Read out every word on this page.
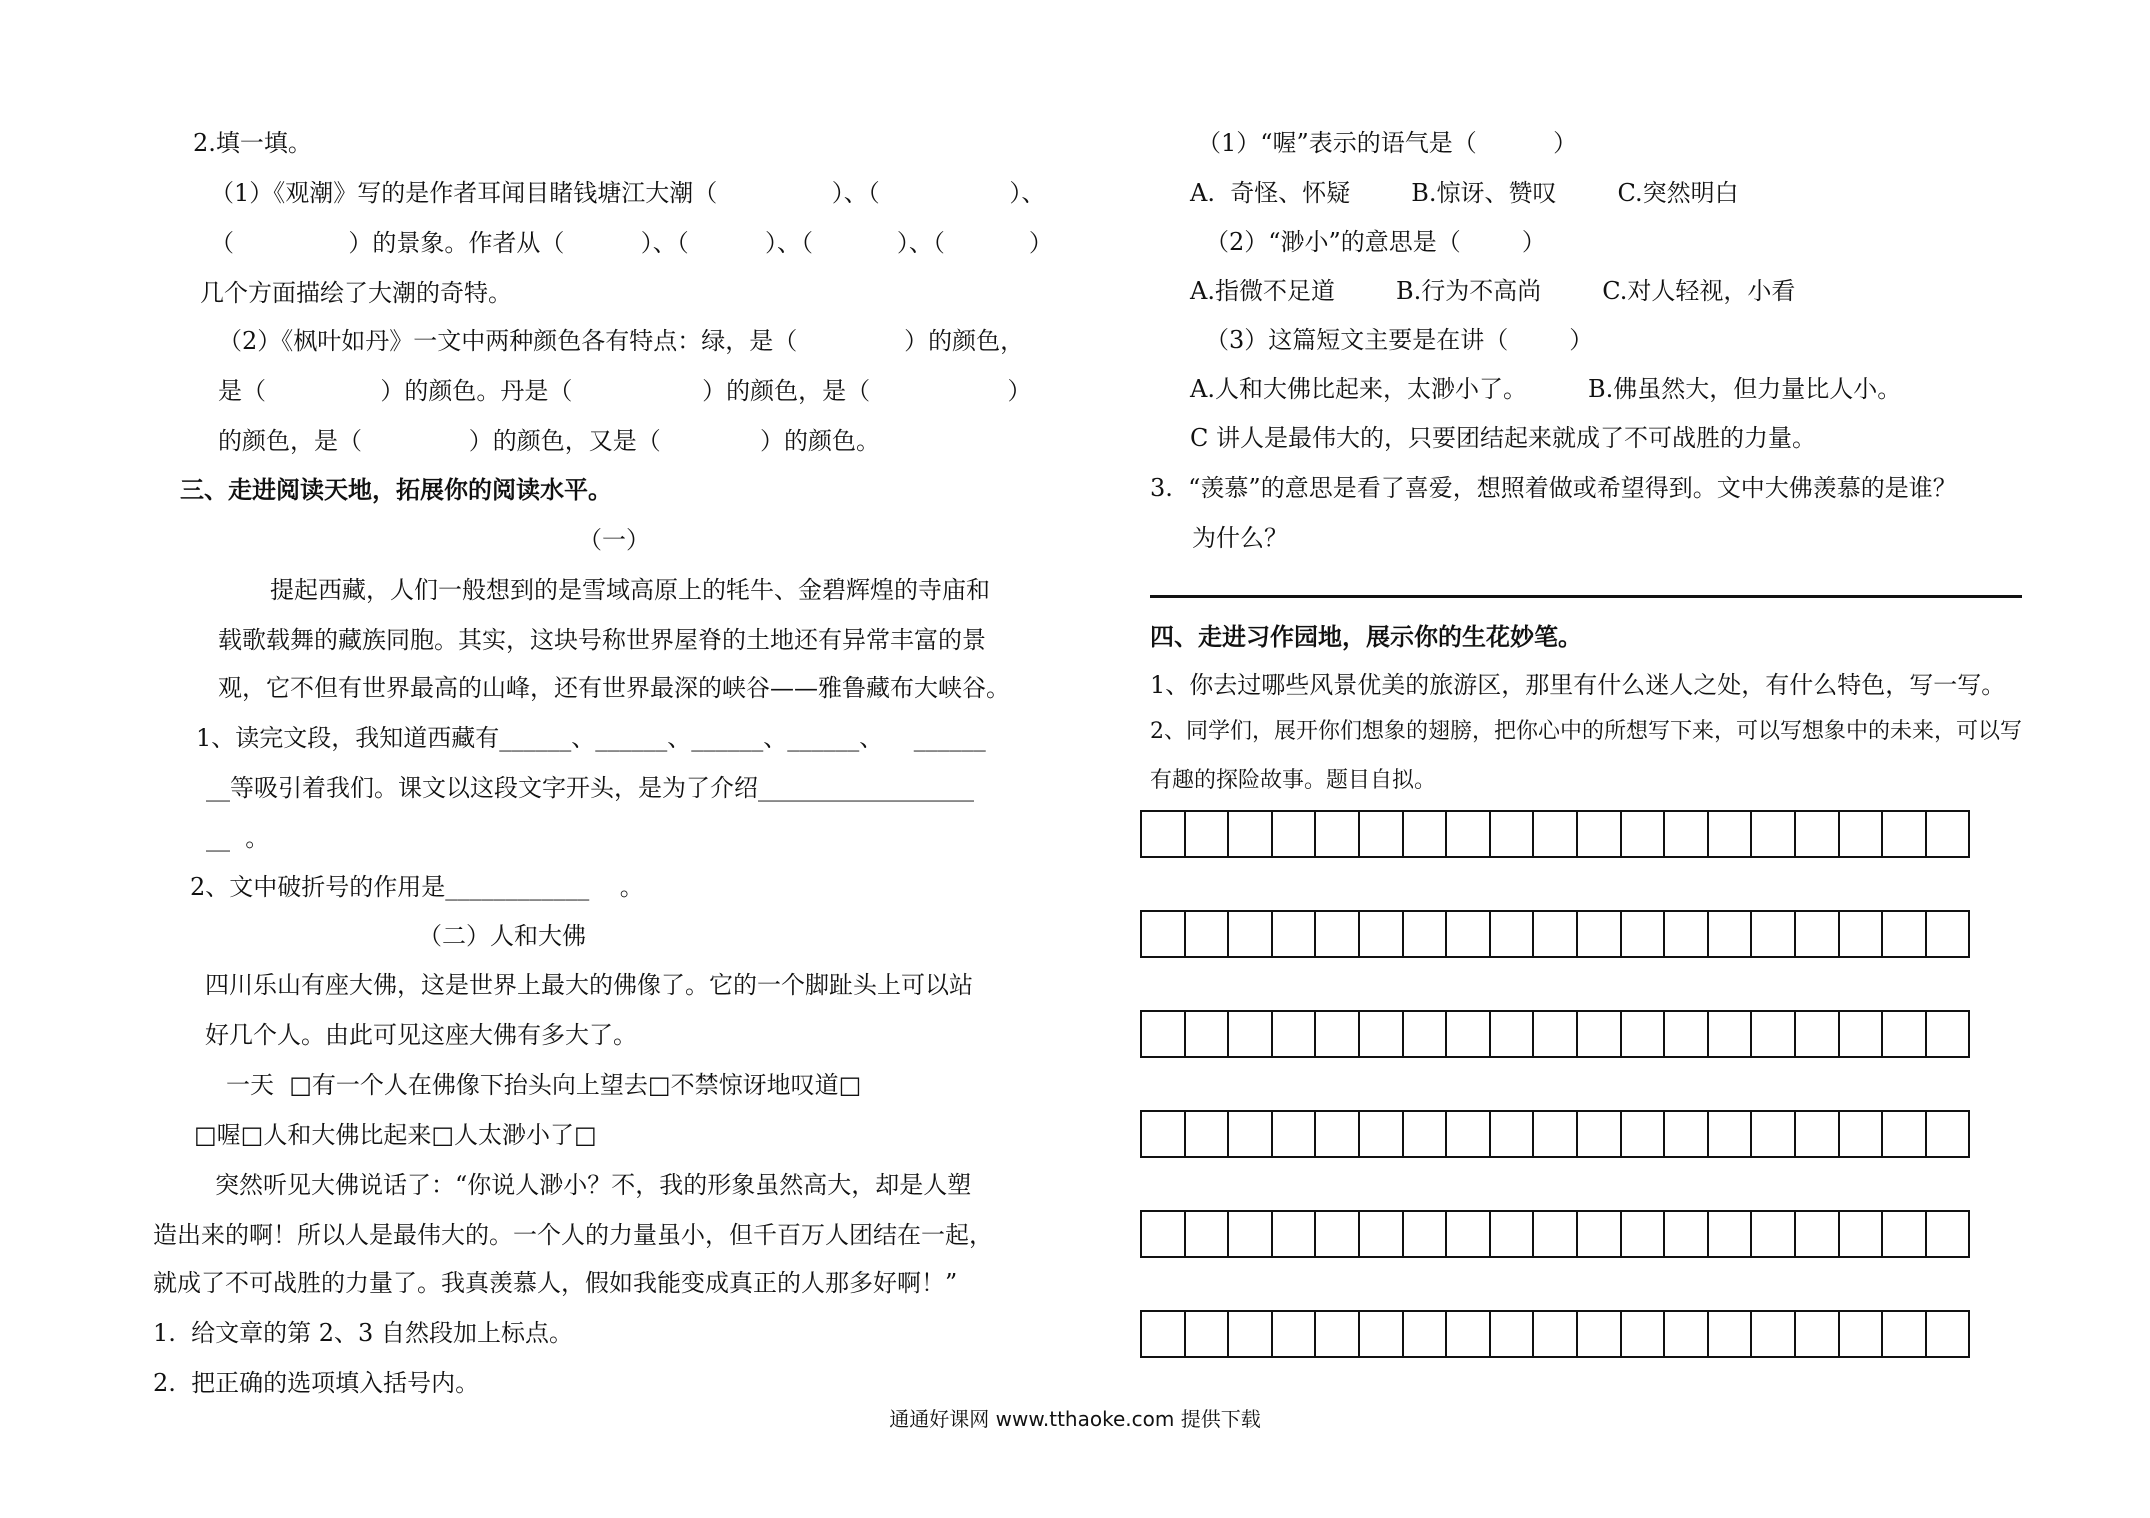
2.填一填。
（1）《观潮》写的是作者耳闻目睹钱塘江大潮（               ）、（                 ）、
（               ）的景象。作者从（          ）、（          ）、（           ）、（           ）
几个方面描绘了大潮的奇特。
（2）《枫叶如丹》一文中两种颜色各有特点：绿，是（              ）的颜色，
是（               ）的颜色。丹是（                 ）的颜色，是（                  ）
的颜色，是（              ）的颜色，又是（             ）的颜色。
三、走进阅读天地，拓展你的阅读水平。
（一）
提起西藏，人们一般想到的是雪域高原上的牦牛、金碧辉煌的寺庙和
载歌载舞的藏族同胞。其实，这块号称世界屋脊的土地还有异常丰富的景
观，它不但有世界最高的山峰，还有世界最深的峡谷——雅鲁藏布大峡谷。
1、读完文段，我知道西藏有______、______、______、______、    ______
__等吸引着我们。课文以这段文字开头，是为了介绍__________________
__  。
2、文中破折号的作用是____________    。
（二）人和大佛
四川乐山有座大佛，这是世界上最大的佛像了。它的一个脚趾头上可以站
好几个人。由此可见这座大佛有多大了。
一天  □有一个人在佛像下抬头向上望去□不禁惊讶地叹道□
□喔□人和大佛比起来□人太渺小了□
突然听见大佛说话了：“你说人渺小？不，我的形象虽然高大，却是人塑
造出来的啊！所以人是最伟大的。一个人的力量虽小，但千百万人团结在一起，
就成了不可战胜的力量了。我真羡慕人，假如我能变成真正的人那多好啊！”
1.  给文章的第 2、3 自然段加上标点。
2.  把正确的选项填入括号内。
（1）“喔”表示的语气是（          ）
A.  奇怪、怀疑        B.惊讶、赞叹        C.突然明白
（2）“渺小”的意思是（        ）
A.指微不足道        B.行为不高尚        C.对人轻视，小看
（3）这篇短文主要是在讲（        ）
A.人和大佛比起来，太渺小了。        B.佛虽然大，但力量比人小。
C 讲人是最伟大的，只要团结起来就成了不可战胜的力量。
3.  “羡慕”的意思是看了喜爱，想照着做或希望得到。文中大佛羡慕的是谁？
为什么？
四、走进习作园地，展示你的生花妙笔。
1、你去过哪些风景优美的旅游区，那里有什么迷人之处，有什么特色，写一写。
2、同学们，展开你们想象的翅膀，把你心中的所想写下来，可以写想象中的未来，可以写
有趣的探险故事。题目自拟。
通通好课网 www.tthaoke.com 提供下载
